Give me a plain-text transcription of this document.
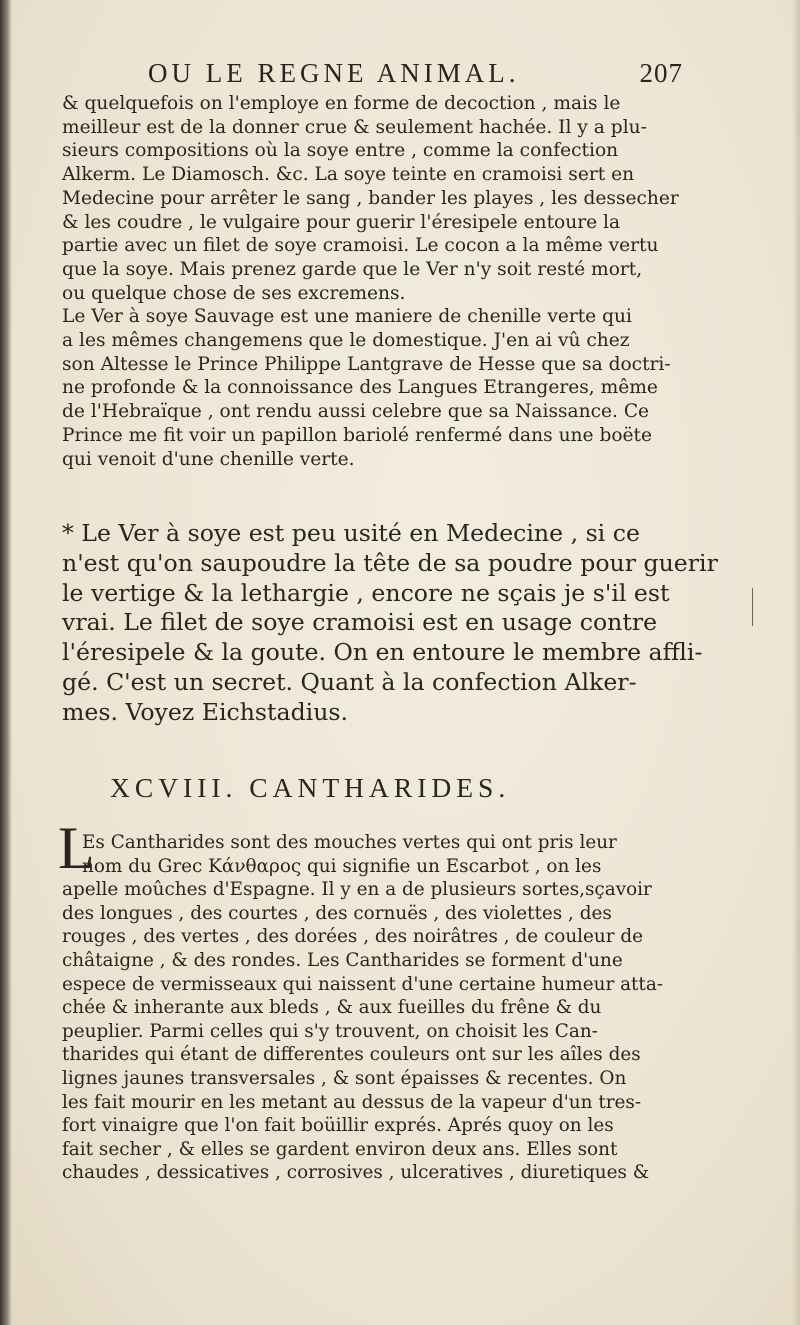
OU LE REGNE ANIMAL.	207
& quelquefois on l'employe en forme de decoction , mais le
meilleur est de la donner crue & seulement hachée. Il y a plu-
sieurs compositions où la soye entre , comme la confection
Alkerm. Le Diamosch. &c. La soye teinte en cramoisi sert en
Medecine pour arrêter le sang , bander les playes , les dessecher
& les coudre , le vulgaire pour guerir l'éresipele entoure la
partie avec un filet de soye cramoisi. Le cocon a la même vertu
que la soye. Mais prenez garde que le Ver n'y soit resté mort,
ou quelque chose de ses excremens.
Le Ver à soye Sauvage est une maniere de chenille verte qui
a les mêmes changemens que le domestique. J'en ai vû chez
son Altesse le Prince Philippe Lantgrave de Hesse que sa doctri-
ne profonde & la connoissance des Langues Etrangeres, même
de l'Hebraïque , ont rendu aussi celebre que sa Naissance. Ce
Prince me fit voir un papillon bariolé renfermé dans une boëte
qui venoit d'une chenille verte.
* Le Ver à soye est peu usité en Medecine , si ce
n'est qu'on saupoudre la tête de sa poudre pour guerir
le vertige & la lethargie , encore ne sçais je s'il est
vrai. Le filet de soye cramoisi est en usage contre
l'éresipele & la goute. On en entoure le membre affli-
gé. C'est un secret. Quant à la confection Alker-
mes. Voyez Eichstadius.
XCVIII. CANTHARIDES.
L
Es Cantharides sont des mouches vertes qui ont pris leur
nom du Grec Κάνθαρος qui signifie un Escarbot , on les
apelle moûches d'Espagne. Il y en a de plusieurs sortes,sçavoir
des longues , des courtes , des cornuës , des violettes , des
rouges , des vertes , des dorées , des noirâtres , de couleur de
châtaigne , & des rondes. Les Cantharides se forment d'une
espece de vermisseaux qui naissent d'une certaine humeur atta-
chée & inherante aux bleds , & aux fueilles du frêne & du
peuplier. Parmi celles qui s'y trouvent, on choisit les Can-
tharides qui étant de differentes couleurs ont sur les aîles des
lignes jaunes transversales , & sont épaisses & recentes. On
les fait mourir en les metant au dessus de la vapeur d'un tres-
fort vinaigre que l'on fait boüillir exprés. Aprés quoy on les
fait secher , & elles se gardent environ deux ans. Elles sont
chaudes , dessicatives , corrosives , ulceratives , diuretiques &
